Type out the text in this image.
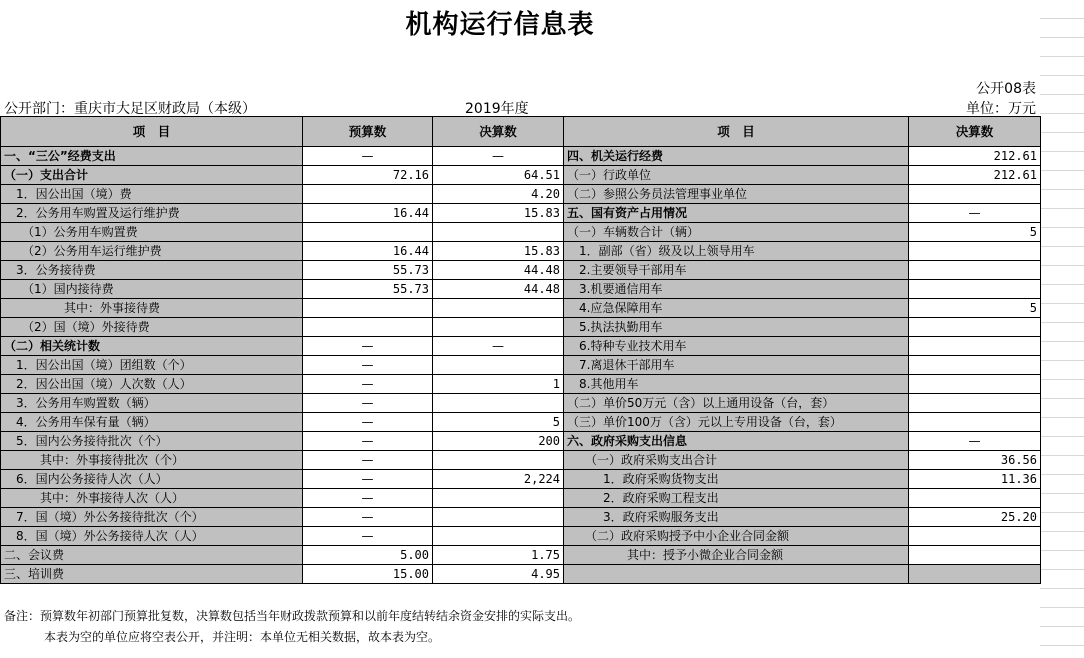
机构运行信息表
公开08表
公开部门：重庆市大足区财政局（本级）	2019年度	单位：万元
项　目	预算数	决算数	项　目	决算数
一、“三公”经费支出	—	—	四、机关运行经费	212.61
（一）支出合计	72.16	64.51	（一）行政单位	212.61
　1．因公出国（境）费		4.20	（二）参照公务员法管理事业单位	
　2．公务用车购置及运行维护费	16.44	15.83	五、国有资产占用情况	—
　　（1）公务用车购置费			（一）车辆数合计（辆）	5
　　（2）公务用车运行维护费	16.44	15.83	　1．副部（省）级及以上领导用车	
　3．公务接待费	55.73	44.48	　2.主要领导干部用车	
　　（1）国内接待费	55.73	44.48	　3.机要通信用车	
　　　　　其中：外事接待费			　4.应急保障用车	5
　　（2）国（境）外接待费			　5.执法执勤用车	
（二）相关统计数	—	—	　6.特种专业技术用车	
　1．因公出国（境）团组数（个）	—		　7.离退休干部用车	
　2．因公出国（境）人次数（人）	—	1	　8.其他用车	
　3．公务用车购置数（辆）	—		（二）单价50万元（含）以上通用设备（台，套）	
　4．公务用车保有量（辆）	—	5	（三）单价100万（含）元以上专用设备（台，套）	
　5．国内公务接待批次（个）	—	200	六、政府采购支出信息	—
　　　其中：外事接待批次（个）	—		　　（一）政府采购支出合计	36.56
　6．国内公务接待人次（人）	—	2,224	　　　1．政府采购货物支出	11.36
　　　其中：外事接待人次（人）	—		　　　2．政府采购工程支出	
　7．国（境）外公务接待批次（个）	—		　　　3．政府采购服务支出	25.20
　8．国（境）外公务接待人次（人）	—		　　（二）政府采购授予中小企业合同金额	
二、会议费	5.00	1.75	　　　　　其中：授予小微企业合同金额	
三、培训费	15.00	4.95		
备注：预算数年初部门预算批复数，决算数包括当年财政拨款预算和以前年度结转结余资金安排的实际支出。
本表为空的单位应将空表公开，并注明：本单位无相关数据，故本表为空。
